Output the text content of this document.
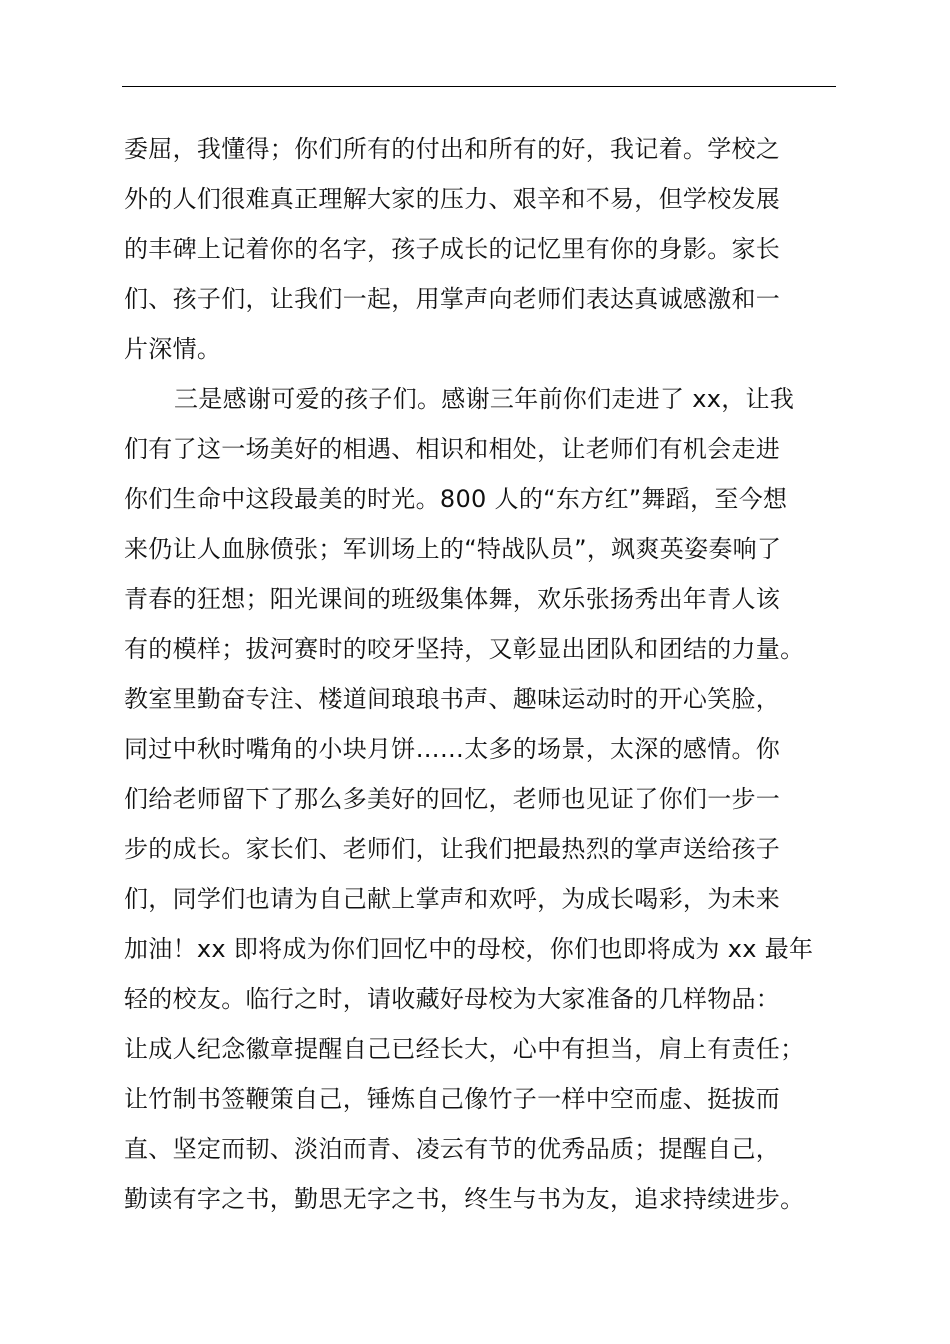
委屈，我懂得；你们所有的付出和所有的好，我记着。学校之
外的人们很难真正理解大家的压力、艰辛和不易，但学校发展
的丰碑上记着你的名字，孩子成长的记忆里有你的身影。家长
们、孩子们，让我们一起，用掌声向老师们表达真诚感激和一
片深情。
三是感谢可爱的孩子们。感谢三年前你们走进了 xx，让我
们有了这一场美好的相遇、相识和相处，让老师们有机会走进
你们生命中这段最美的时光。800 人的“东方红”舞蹈，至今想
来仍让人血脉偾张；军训场上的“特战队员”，飒爽英姿奏响了
青春的狂想；阳光课间的班级集体舞，欢乐张扬秀出年青人该
有的模样；拔河赛时的咬牙坚持，又彰显出团队和团结的力量。
教室里勤奋专注、楼道间琅琅书声、趣味运动时的开心笑脸，
同过中秋时嘴角的小块月饼……太多的场景，太深的感情。你
们给老师留下了那么多美好的回忆，老师也见证了你们一步一
步的成长。家长们、老师们，让我们把最热烈的掌声送给孩子
们，同学们也请为自己献上掌声和欢呼，为成长喝彩，为未来
加油！xx 即将成为你们回忆中的母校，你们也即将成为 xx 最年
轻的校友。临行之时，请收藏好母校为大家准备的几样物品：
让成人纪念徽章提醒自己已经长大，心中有担当，肩上有责任；
让竹制书签鞭策自己，锤炼自己像竹子一样中空而虚、挺拔而
直、坚定而韧、淡泊而青、凌云有节的优秀品质；提醒自己，
勤读有字之书，勤思无字之书，终生与书为友，追求持续进步。
